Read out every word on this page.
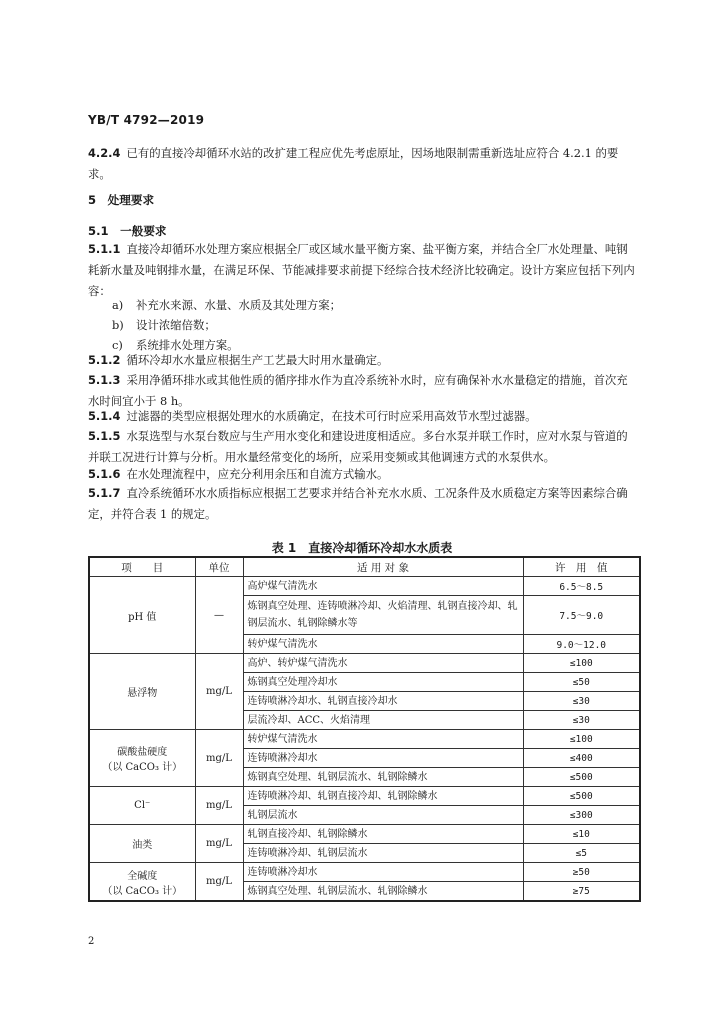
YB/T 4792—2019
4.2.4 已有的直接冷却循环水站的改扩建工程应优先考虑原址，因场地限制需重新选址应符合 4.2.1 的要求。
5　处理要求
5.1　一般要求
5.1.1 直接冷却循环水处理方案应根据全厂或区域水量平衡方案、盐平衡方案，并结合全厂水处理量、吨钢耗新水量及吨钢排水量，在满足环保、节能减排要求前提下经综合技术经济比较确定。设计方案应包括下列内容：
a) 补充水来源、水量、水质及其处理方案；
b) 设计浓缩倍数；
c) 系统排水处理方案。
5.1.2 循环冷却水水量应根据生产工艺最大时用水量确定。
5.1.3 采用净循环排水或其他性质的循序排水作为直冷系统补水时，应有确保补水水量稳定的措施，首次充水时间宜小于 8 h。
5.1.4 过滤器的类型应根据处理水的水质确定，在技术可行时应采用高效节水型过滤器。
5.1.5 水泵选型与水泵台数应与生产用水变化和建设进度相适应。多台水泵并联工作时，应对水泵与管道的并联工况进行计算与分析。用水量经常变化的场所，应采用变频或其他调速方式的水泵供水。
5.1.6 在水处理流程中，应充分利用余压和自流方式输水。
5.1.7 直冷系统循环水水质指标应根据工艺要求并结合补充水水质、工况条件及水质稳定方案等因素综合确定，并符合表 1 的规定。
表 1　直接冷却循环冷却水水质表
项　　目	单位	适 用 对 象	许　用　值
pH 值	—	高炉煤气清洗水	6.5～8.5
		炼钢真空处理、连铸喷淋冷却、火焰清理、轧钢直接冷却、轧钢层流水、轧钢除鳞水等	7.5～9.0
		转炉煤气清洗水	9.0～12.0
悬浮物	mg/L	高炉、转炉煤气清洗水	≤100
		炼钢真空处理冷却水	≤50
		连铸喷淋冷却水、轧钢直接冷却水	≤30
		层流冷却、ACC、火焰清理	≤30

碳酸盐硬度
（以 CaCO₃ 计）	mg/L	转炉煤气清洗水	≤100
		连铸喷淋冷却水	≤400
		炼钢真空处理、轧钢层流水、轧钢除鳞水	≤500
Cl⁻	mg/L	连铸喷淋冷却、轧钢直接冷却、轧钢除鳞水	≤500
		轧钢层流水	≤300
油类	mg/L	轧钢直接冷却、轧钢除鳞水	≤10
		连铸喷淋冷却、轧钢层流水	≤5

全碱度
（以 CaCO₃ 计）	mg/L	连铸喷淋冷却水	≥50
		炼钢真空处理、轧钢层流水、轧钢除鳞水	≥75
2
